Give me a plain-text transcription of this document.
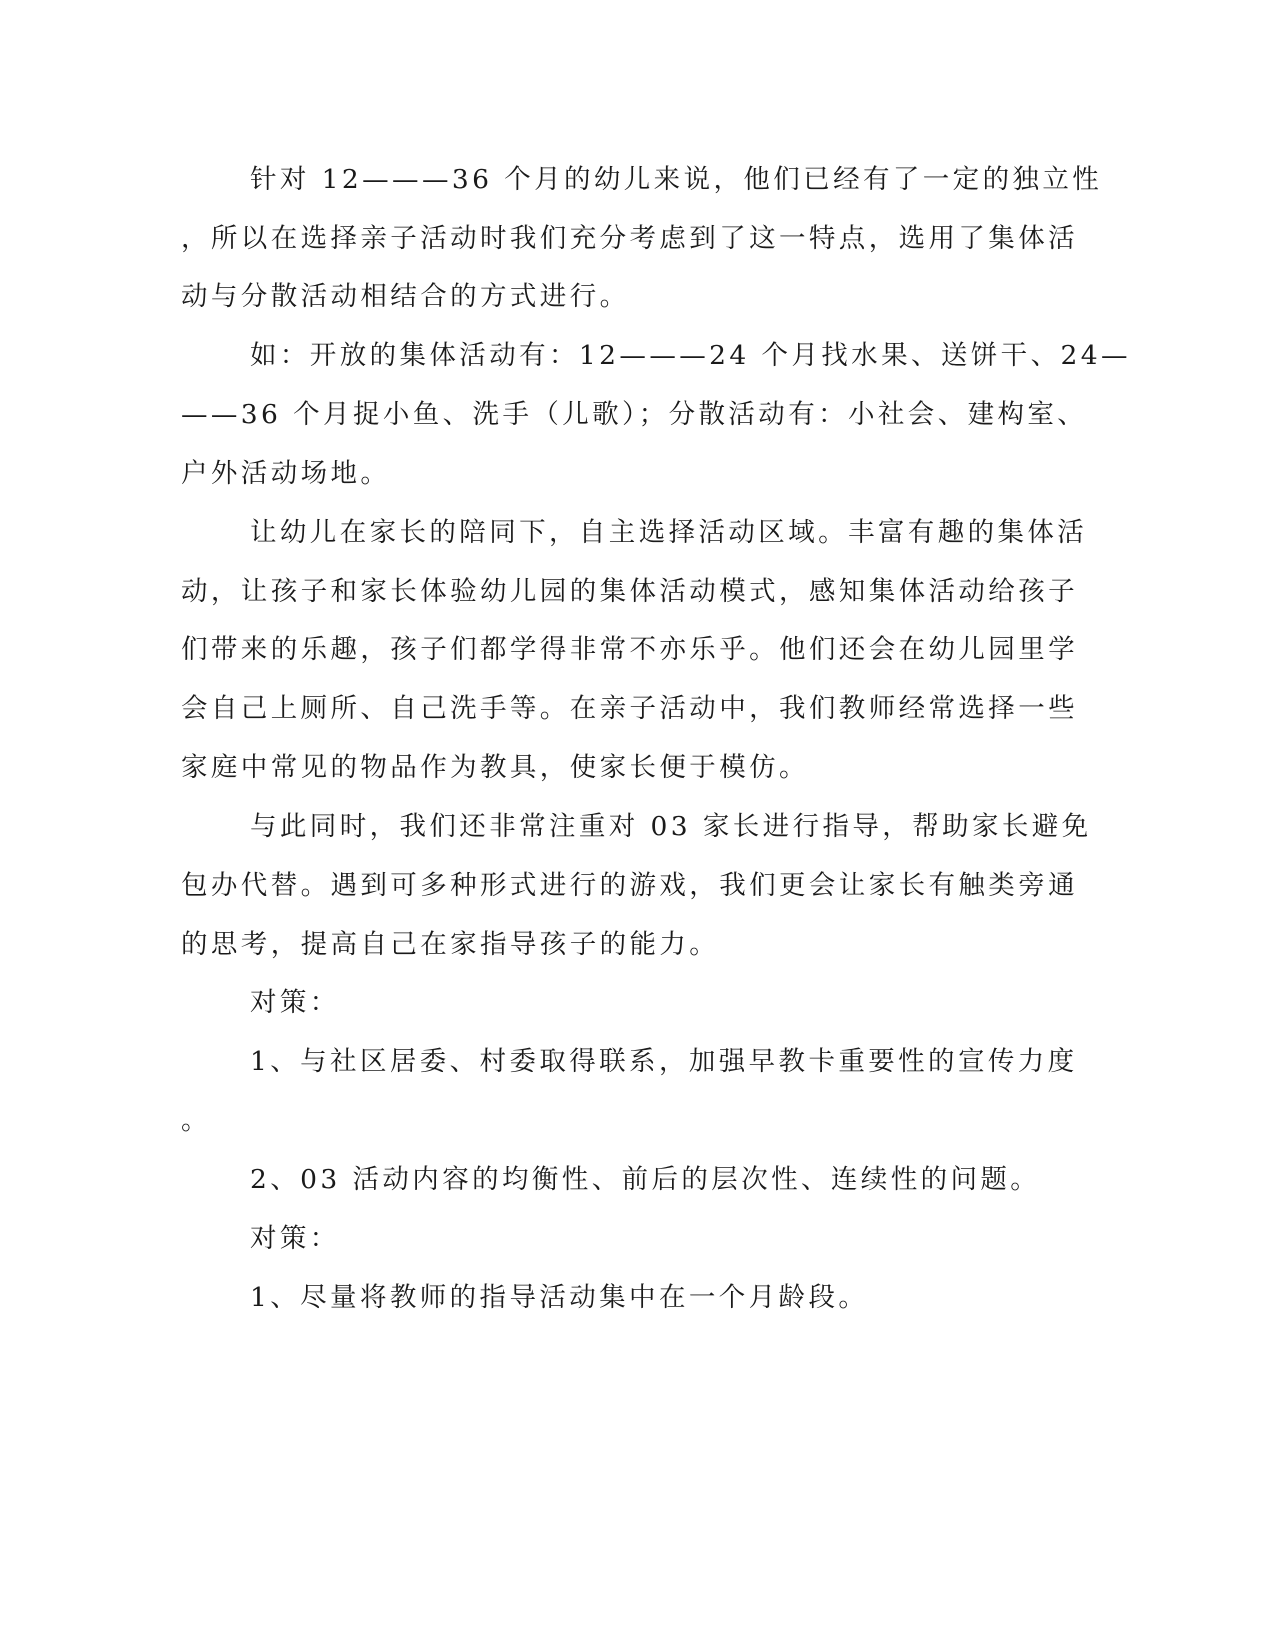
针对 12———36 个月的幼儿来说，他们已经有了一定的独立性

，所以在选择亲子活动时我们充分考虑到了这一特点，选用了集体活

动与分散活动相结合的方式进行。

如：开放的集体活动有：12———24 个月找水果、送饼干、24—

——36 个月捉小鱼、洗手（儿歌）；分散活动有：小社会、建构室、

户外活动场地。

让幼儿在家长的陪同下，自主选择活动区域。丰富有趣的集体活

动，让孩子和家长体验幼儿园的集体活动模式，感知集体活动给孩子

们带来的乐趣，孩子们都学得非常不亦乐乎。他们还会在幼儿园里学

会自己上厕所、自己洗手等。在亲子活动中，我们教师经常选择一些

家庭中常见的物品作为教具，使家长便于模仿。

与此同时，我们还非常注重对 03 家长进行指导，帮助家长避免

包办代替。遇到可多种形式进行的游戏，我们更会让家长有触类旁通

的思考，提高自己在家指导孩子的能力。

对策：

1、与社区居委、村委取得联系，加强早教卡重要性的宣传力度

。

2、03 活动内容的均衡性、前后的层次性、连续性的问题。

对策：

1、尽量将教师的指导活动集中在一个月龄段。
